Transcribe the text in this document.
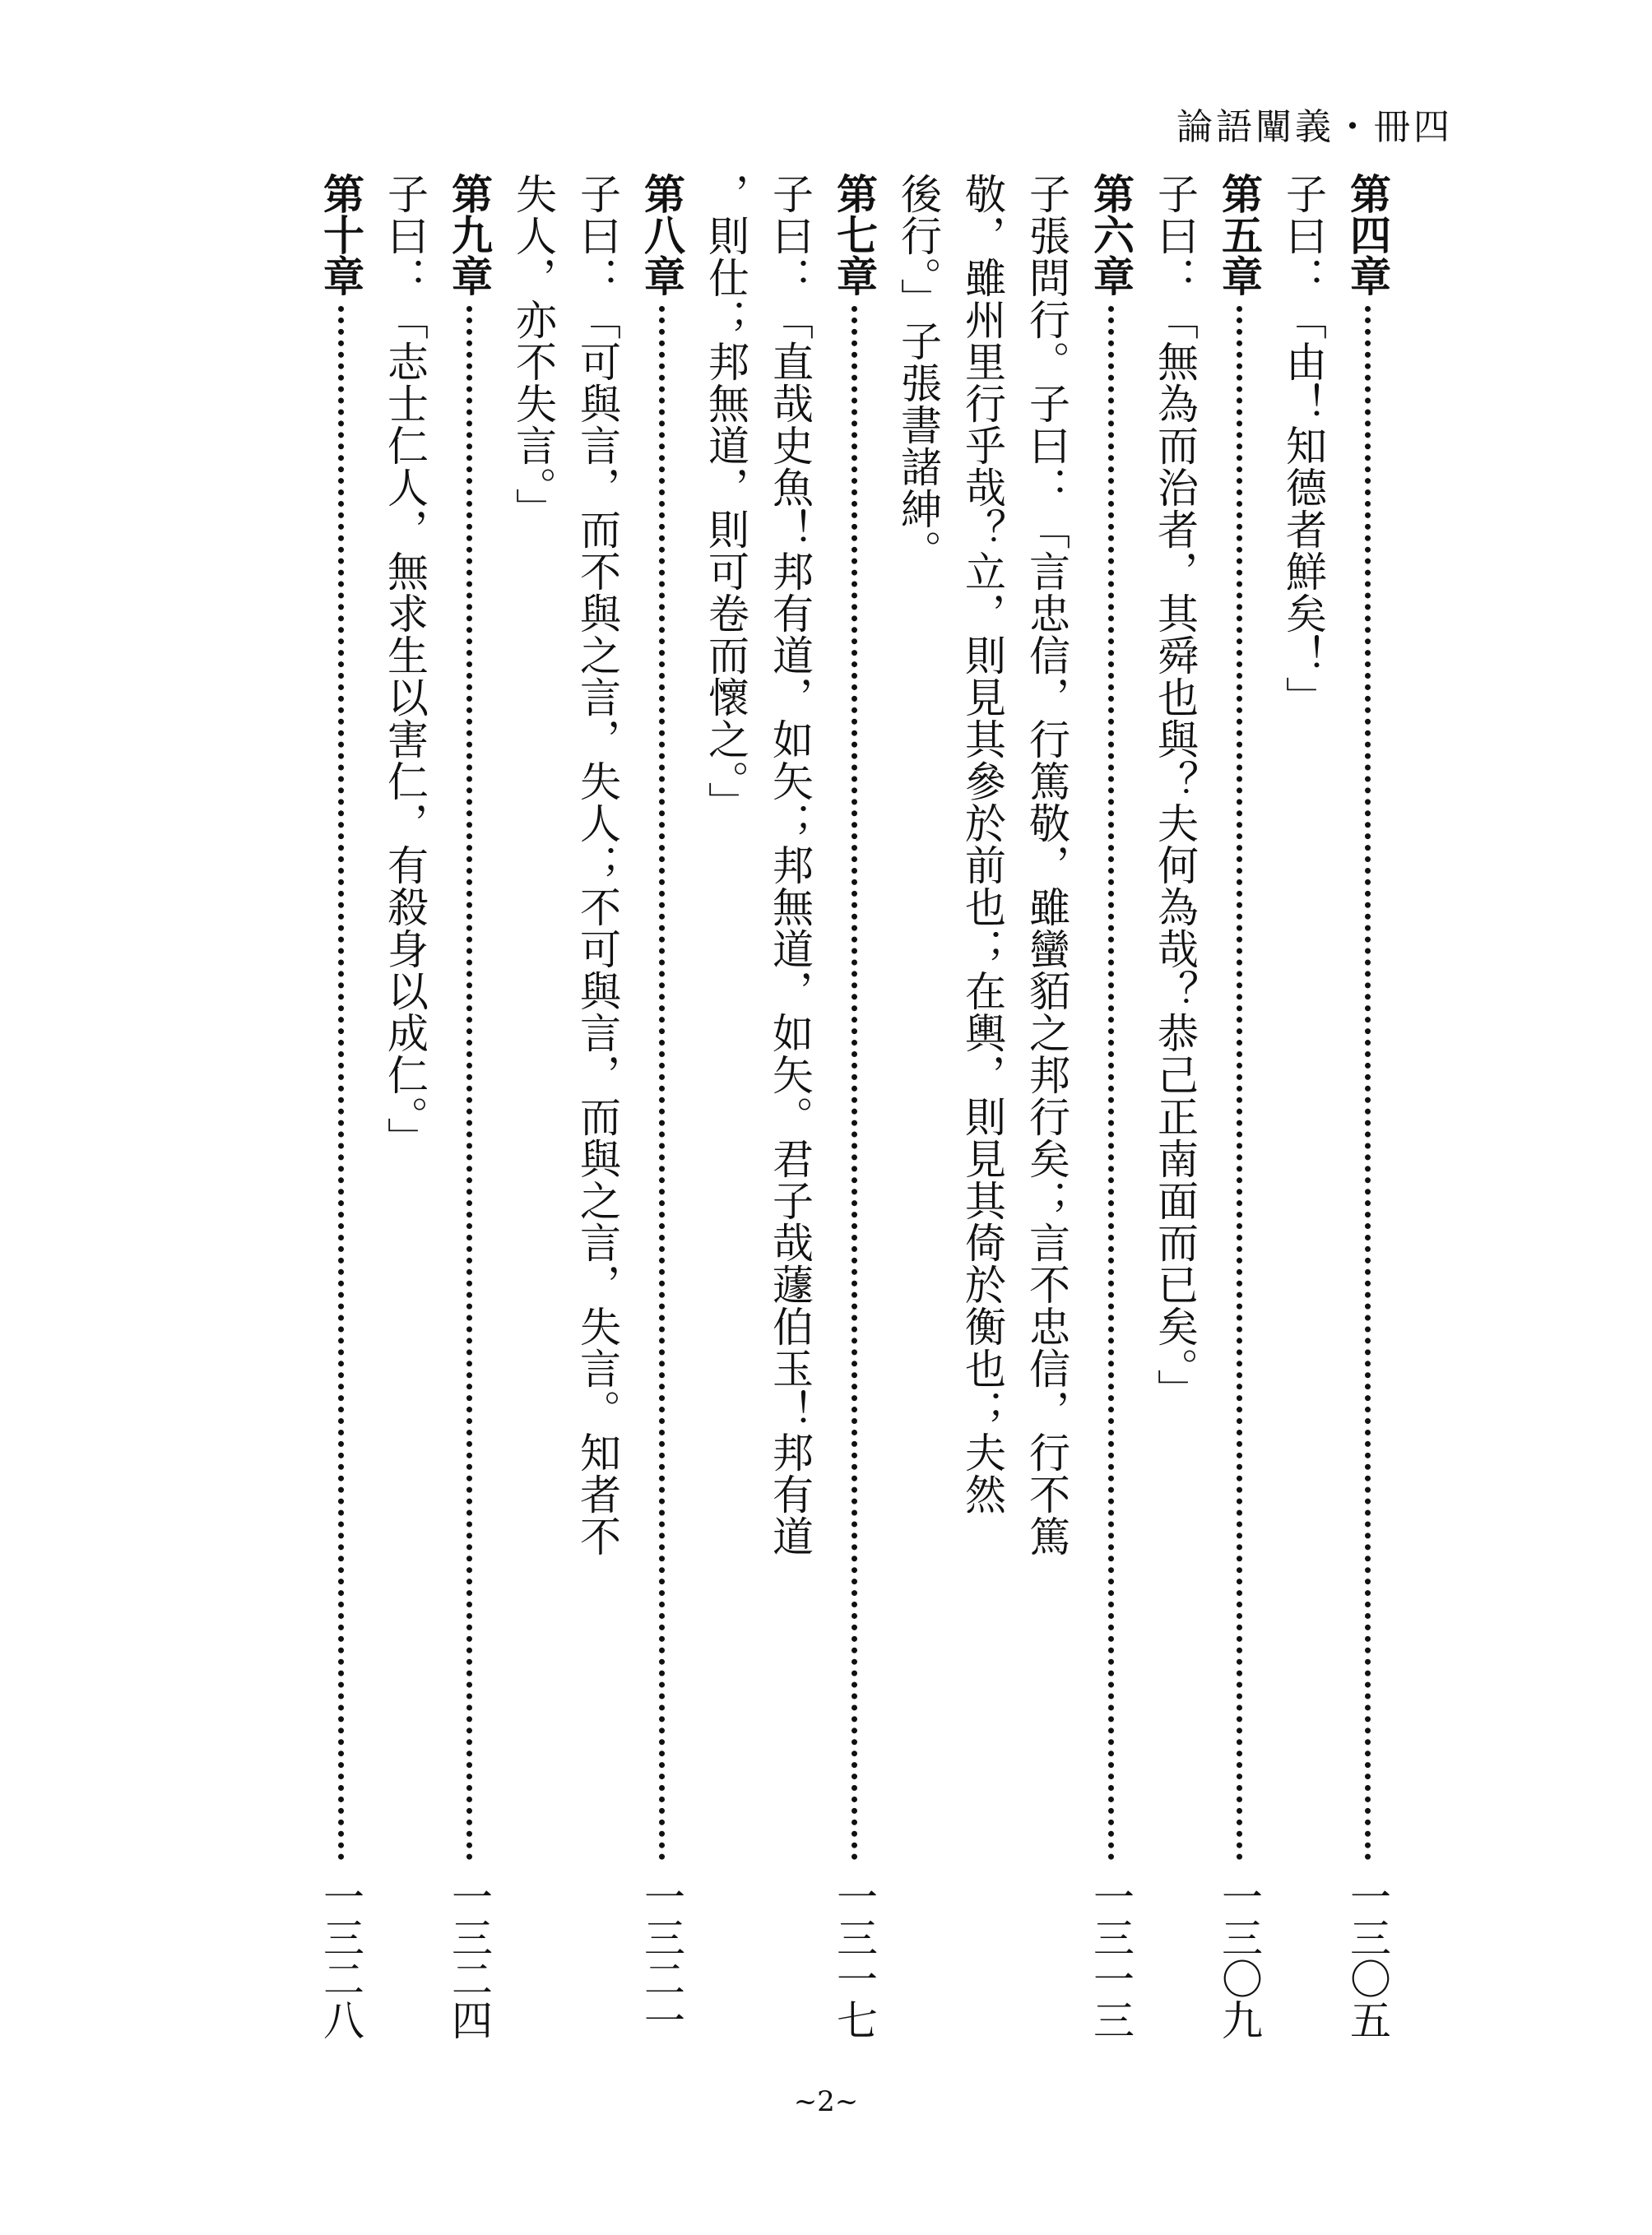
論語闡義・冊四
第四章
一三〇五
子曰：「由！知德者鮮矣！」
第五章
一三〇九
子曰：「無為而治者，其舜也與？夫何為哉？恭己正南面而已矣。」
第六章
一三一三
子張問行。子曰：「言忠信，行篤敬，雖蠻貊之邦行矣；言不忠信，行不篤
敬，雖州里行乎哉？立，則見其參於前也；在輿，則見其倚於衡也；夫然
後行。」子張書諸紳。
第七章
一三一七
子曰：「直哉史魚！邦有道，如矢；邦無道，如矢。君子哉蘧伯玉！邦有道
，則仕；邦無道，則可卷而懷之。」
第八章
一三二一
子曰：「可與言，而不與之言，失人；不可與言，而與之言，失言。知者不
失人，亦不失言。」
第九章
一三二四
子曰：「志士仁人，無求生以害仁，有殺身以成仁。」
第十章
一三二八
~2~
